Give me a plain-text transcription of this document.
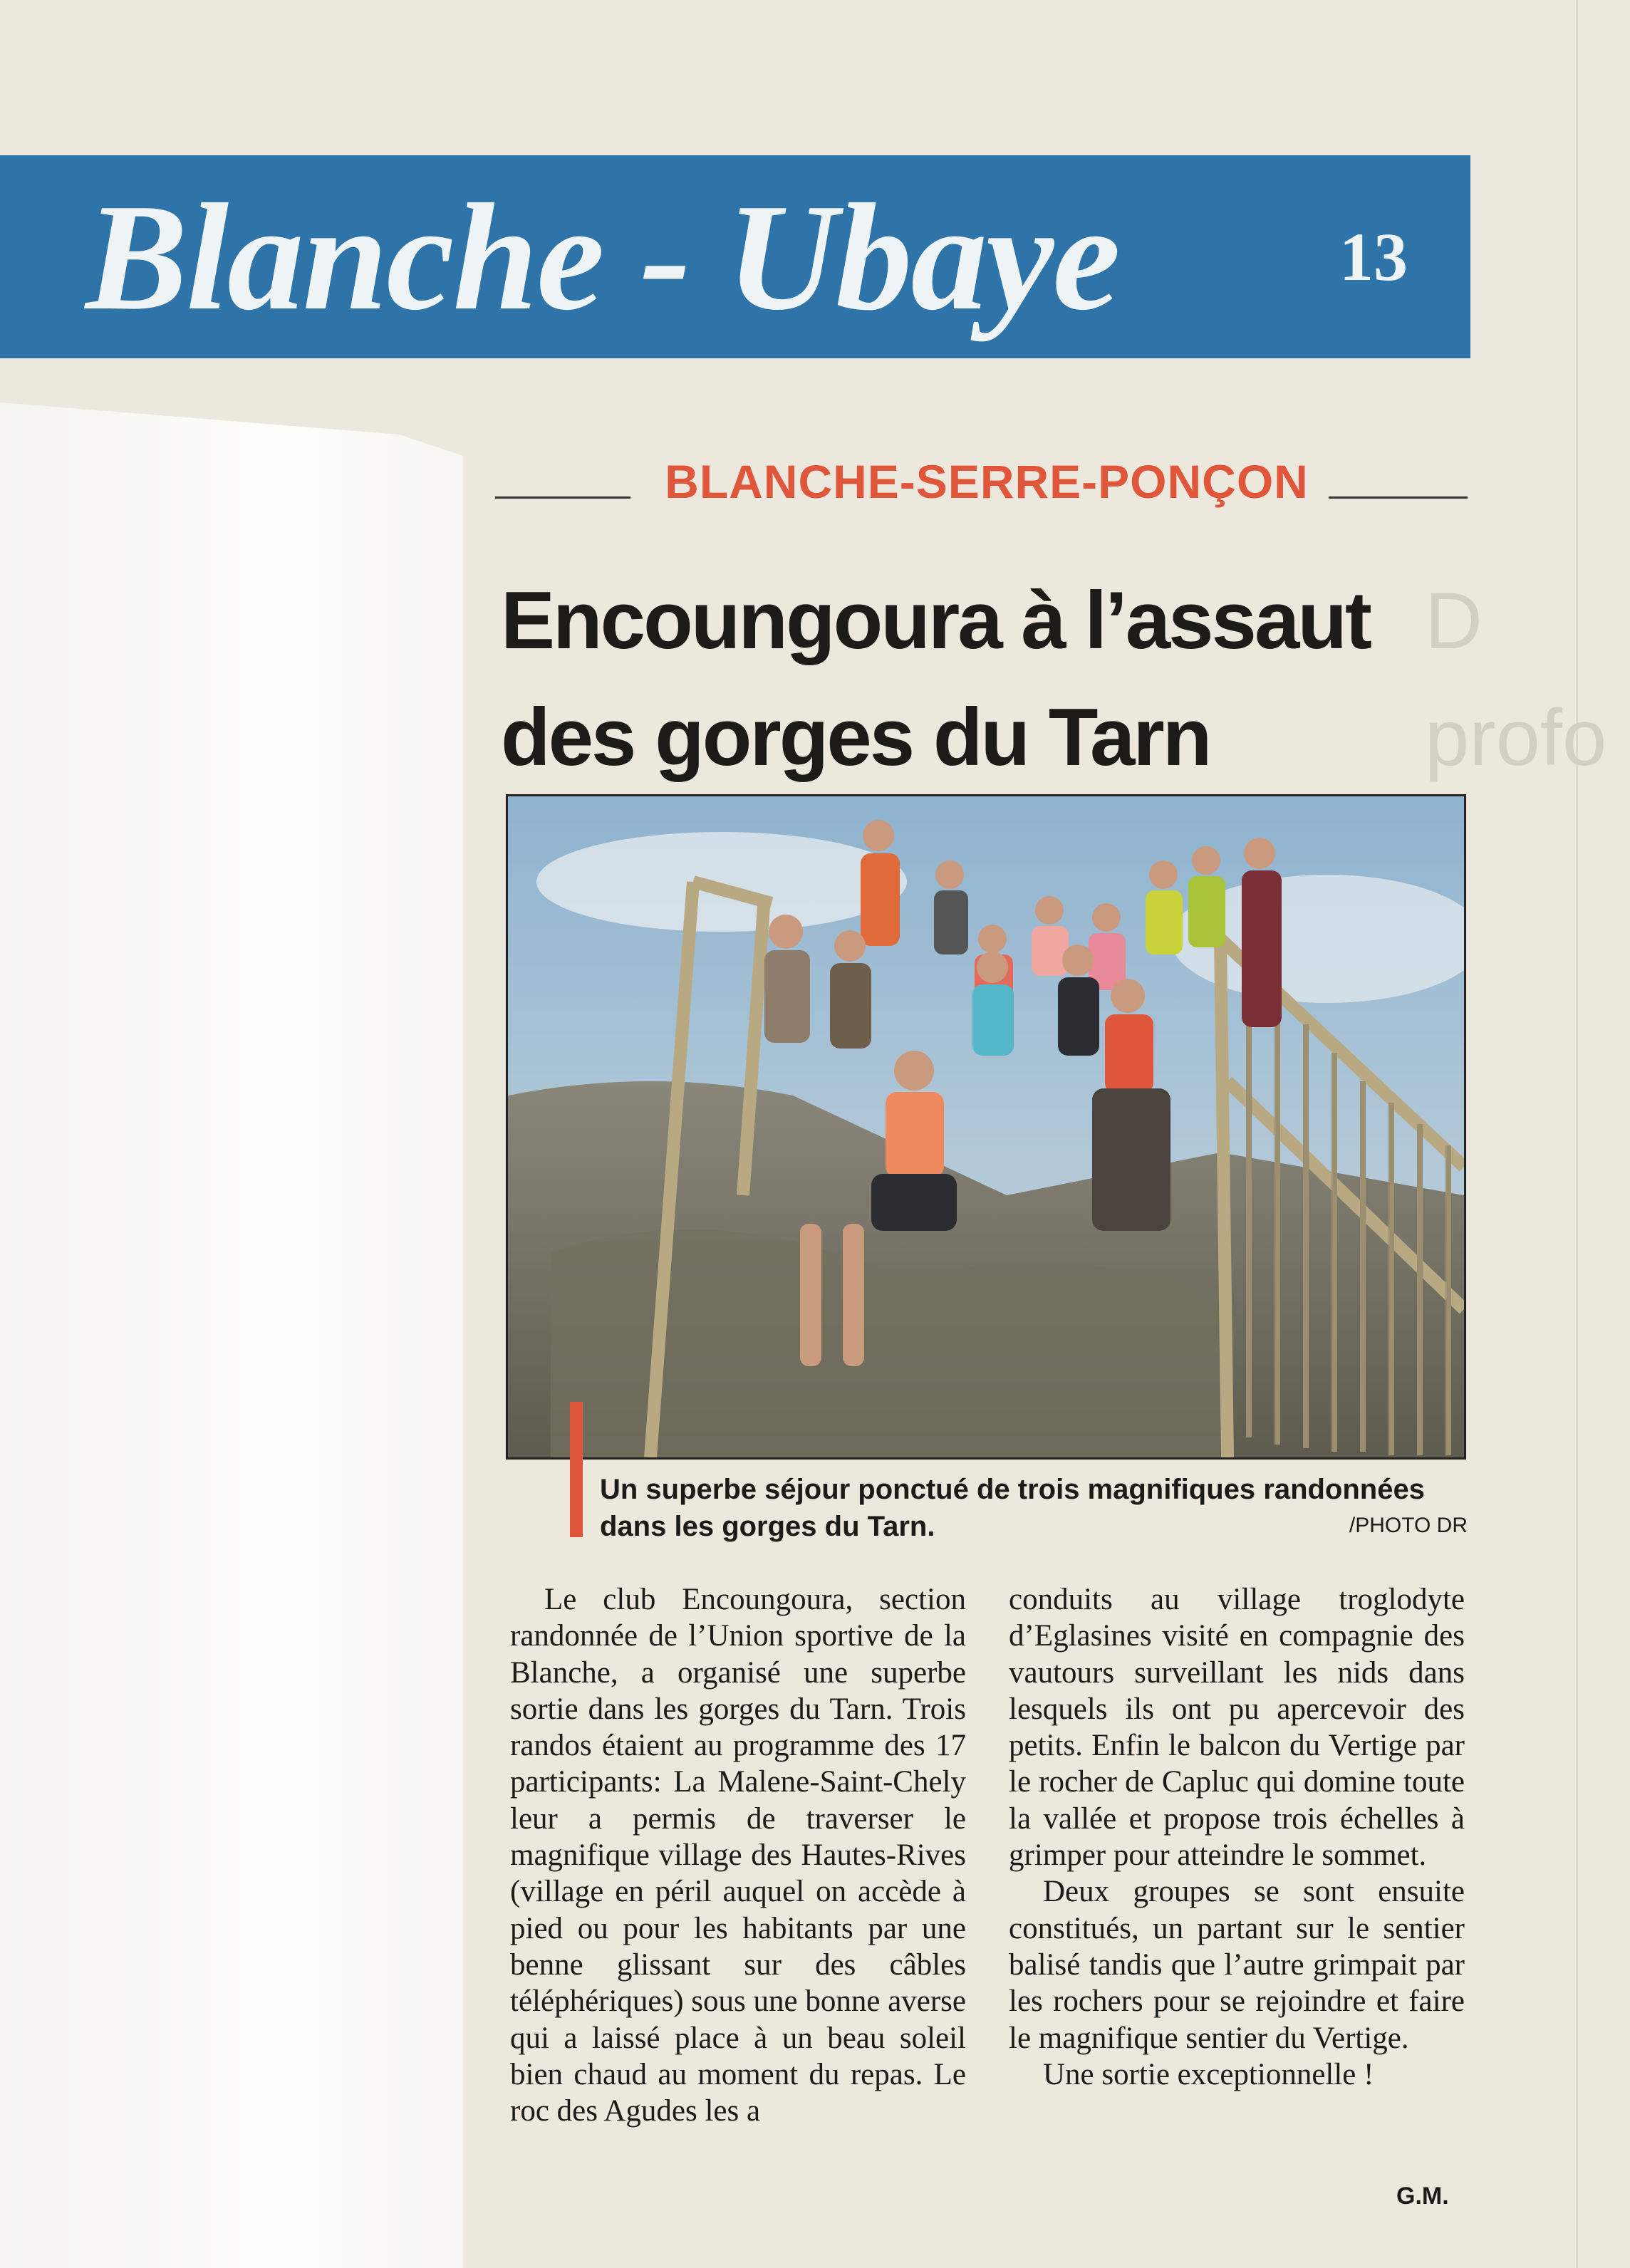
Blanche - Ubaye	13
BLANCHE-SERRE-PONÇON
Encoungoura à l’assaut
des gorges du Tarn
D
profo
Un superbe séjour ponctué de trois magnifiques randonnées
dans les gorges du Tarn.	/PHOTO DR

Le club Encoungoura, section randonnée de l’Union sportive de la Blanche, a organisé une superbe sortie dans les gorges du Tarn. Trois randos étaient au programme des 17 participants: La Malene-Saint-Chely leur a permis de traverser le magnifique village des Hautes-Rives (village en péril auquel on accède à pied ou pour les habitants par une benne glissant sur des câbles téléphériques) sous une bonne averse qui a laissé place à un beau soleil bien chaud au moment du repas. Le roc des Agudes les a

conduits au village troglodyte d’Eglasines visité en compagnie des vautours surveillant les nids dans lesquels ils ont pu apercevoir des petits. Enfin le balcon du Vertige par le rocher de Capluc qui domine toute la vallée et propose trois échelles à grimper pour atteindre le sommet.

Deux groupes se sont ensuite constitués, un partant sur le sentier balisé tandis que l’autre grimpait par les rochers pour se rejoindre et faire le magnifique sentier du Vertige.

Une sortie exceptionnelle !

G.M.
